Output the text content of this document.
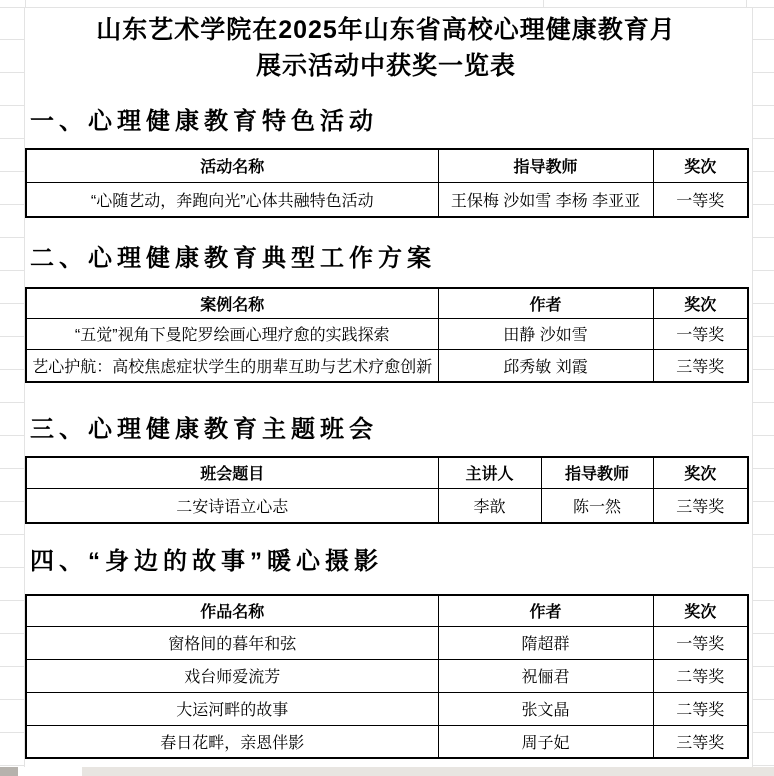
山东艺术学院在2025年山东省高校心理健康教育月
展示活动中获奖一览表
一、心理健康教育特色活动
活动名称	指导教师	奖次
“心随艺动，奔跑向光”心体共融特色活动	王保梅 沙如雪 李杨 李亚亚	一等奖
二、心理健康教育典型工作方案
案例名称	作者	奖次
“五觉”视角下曼陀罗绘画心理疗愈的实践探索	田静 沙如雪	一等奖
艺心护航：高校焦虑症状学生的朋辈互助与艺术疗愈创新	邱秀敏 刘霞	三等奖
三、心理健康教育主题班会
班会题目	主讲人	指导教师	奖次
二安诗语立心志	李歆	陈一然	三等奖
四、“身边的故事”暖心摄影
作品名称	作者	奖次
窗格间的暮年和弦	隋超群	一等奖
戏台师爱流芳	祝俪君	二等奖
大运河畔的故事	张文晶	二等奖
春日花畔，亲恩伴影	周子妃	三等奖
